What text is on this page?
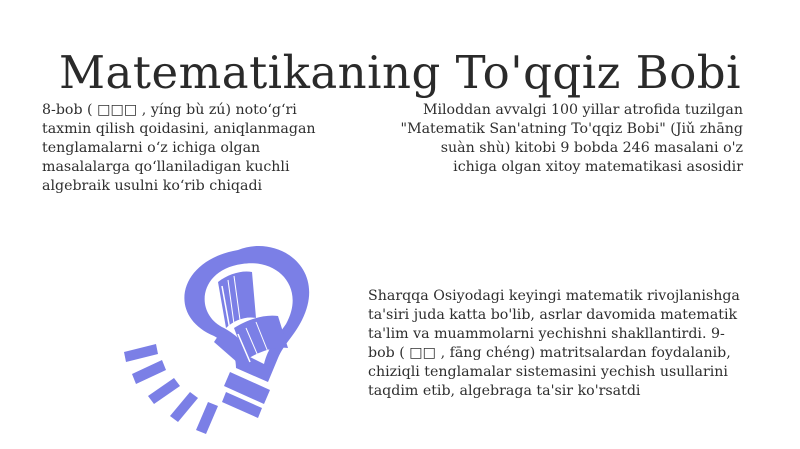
Matematikaning To'qqiz Bobi
8-bob ( □□□ , yíng bù zú) noto‘g‘ri taxmin qilish qoidasini, aniqlanmagan tenglamalarni o‘z ichiga olgan masalalarga qo‘llaniladigan kuchli algebraik usulni ko‘rib chiqadi
Miloddan avvalgi 100 yillar atrofida tuzilgan "Matematik San'atning To'qqiz Bobi" (Jiǔ zhāng suàn shù) kitobi 9 bobda 246 masalani o'z ichiga olgan xitoy matematikasi asosidir
Sharqqa Osiyodagi keyingi matematik rivojlanishga ta'siri juda katta bo'lib, asrlar davomida matematik ta'lim va muammolarni yechishni shakllantirdi. 9-bob ( □□ , fāng chéng) matritsalardan foydalanib, chiziqli tenglamalar sistemasini yechish usullarini taqdim etib, algebraga ta'sir ko'rsatdi
